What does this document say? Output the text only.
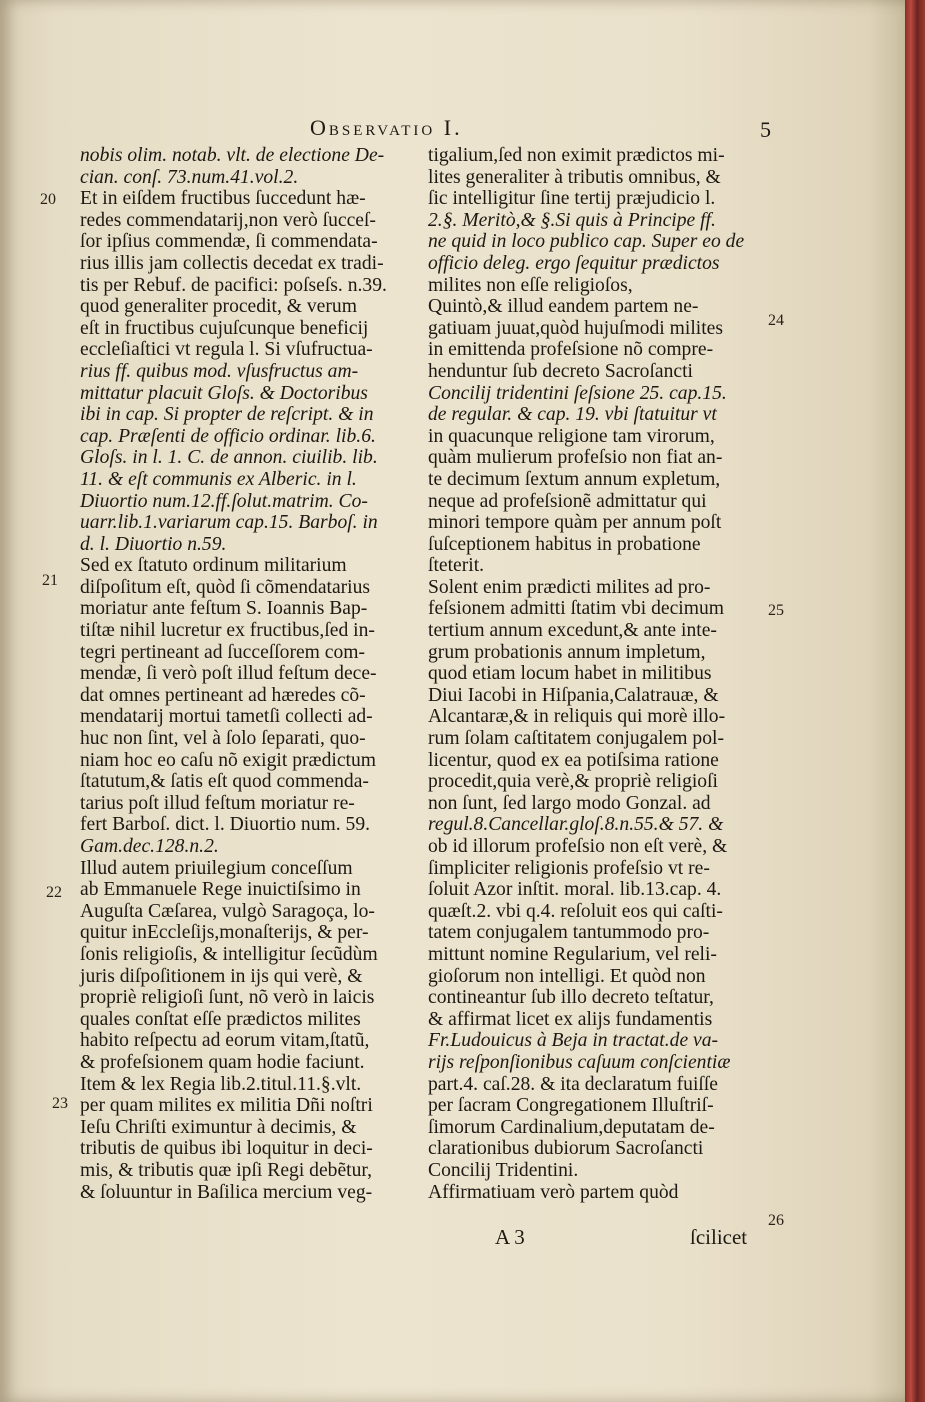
Observatio I.	5
nobis olim. notab. vlt. de electione De-
cian. conſ. 73.num.41.vol.2.
Et in eiſdem fructibus ſuccedunt hæ-
redes commendatarij,non verò ſucceſ-
ſor ipſius commendæ, ſi commendata-
rius illis jam collectis decedat ex tradi-
tis per Rebuf. de pacifici: poſseſs. n.39.
quod generaliter procedit, & verum
eſt in fructibus cujuſcunque beneficij
eccleſiaſtici vt regula l. Si vſufructua-
rius ff. quibus mod. vſusfructus am-
mittatur placuit Gloſs. & Doctoribus
ibi in cap. Si propter de reſcript. & in
cap. Præſenti de officio ordinar. lib.6.
Gloſs. in l. 1. C. de annon. ciuilib. lib.
11. & eſt communis ex Alberic. in l.
Diuortio num.12.ff.ſolut.matrim. Co-
uarr.lib.1.variarum cap.15. Barboſ. in
d. l. Diuortio n.59.
Sed ex ſtatuto ordinum militarium
diſpoſitum eſt, quòd ſi cõmendatarius
moriatur ante feſtum S. Ioannis Bap-
tiſtæ nihil lucretur ex fructibus,ſed in-
tegri pertineant ad ſucceſſorem com-
mendæ, ſi verò poſt illud feſtum dece-
dat omnes pertineant ad hæredes cõ-
mendatarij mortui tametſi collecti ad-
huc non ſint, vel à ſolo ſeparati, quo-
niam hoc eo caſu nõ exigit prædictum
ſtatutum,& ſatis eſt quod commenda-
tarius poſt illud feſtum moriatur re-
fert Barboſ. dict. l. Diuortio num. 59.
Gam.dec.128.n.2.
Illud autem priuilegium conceſſum
ab Emmanuele Rege inuictiſsimo in
Auguſta Cæſarea, vulgò Saragoça, lo-
quitur inEccleſijs,monaſterijs, & per-
ſonis religioſis, & intelligitur ſecũdùm
juris diſpoſitionem in ijs qui verè, &
propriè religioſi ſunt, nõ verò in laicis
quales conſtat eſſe prædictos milites
habito reſpectu ad eorum vitam,ſtatũ,
& profeſsionem quam hodie faciunt.
Item & lex Regia lib.2.titul.11.§.vlt.
per quam milites ex militia Dñi noſtri
Ieſu Chriſti eximuntur à decimis, &
tributis de quibus ibi loquitur in deci-
mis, & tributis quæ ipſi Regi debẽtur,
& ſoluuntur in Baſilica mercium veg-
tigalium,ſed non eximit prædictos mi-
lites generaliter à tributis omnibus, &
ſic intelligitur ſine tertij præjudicio l.
2.§. Meritò,& §.Si quis à Principe ff.
ne quid in loco publico cap. Super eo de
officio deleg. ergo ſequitur prædictos
milites non eſſe religioſos,
Quintò,& illud eandem partem ne-
gatiuam juuat,quòd hujuſmodi milites
in emittenda profeſsione nõ compre-
henduntur ſub decreto Sacroſancti
Concilij tridentini ſeſsione 25. cap.15.
de regular. & cap. 19. vbi ſtatuitur vt
in quacunque religione tam virorum,
quàm mulierum profeſsio non fiat an-
te decimum ſextum annum expletum,
neque ad profeſsionẽ admittatur qui
minori tempore quàm per annum poſt
ſuſceptionem habitus in probatione
ſteterit.
Solent enim prædicti milites ad pro-
feſsionem admitti ſtatim vbi decimum
tertium annum excedunt,& ante inte-
grum probationis annum impletum,
quod etiam locum habet in militibus
Diui Iacobi in Hiſpania,Calatrauæ, &
Alcantaræ,& in reliquis qui morè illo-
rum ſolam caſtitatem conjugalem pol-
licentur, quod ex ea potiſsima ratione
procedit,quia verè,& propriè religioſi
non ſunt, ſed largo modo Gonzal. ad
regul.8.Cancellar.gloſ.8.n.55.& 57. &
ob id illorum profeſsio non eſt verè, &
ſimpliciter religionis profeſsio vt re-
ſoluit Azor inſtit. moral. lib.13.cap. 4.
quæſt.2. vbi q.4. reſoluit eos qui caſti-
tatem conjugalem tantummodo pro-
mittunt nomine Regularium, vel reli-
gioſorum non intelligi. Et quòd non
contineantur ſub illo decreto teſtatur,
& affirmat licet ex alijs fundamentis
Fr.Ludouicus à Beja in tractat.de va-
rijs reſponſionibus caſuum conſcientiæ
part.4. caſ.28. & ita declaratum fuiſſe
per ſacram Congregationem Illuſtriſ-
ſimorum Cardinalium,deputatam de-
clarationibus dubiorum Sacroſancti
Concilij Tridentini.
Affirmatiuam verò partem quòd
20
21
22
23
24
25
26
A 3	ſcilicet
